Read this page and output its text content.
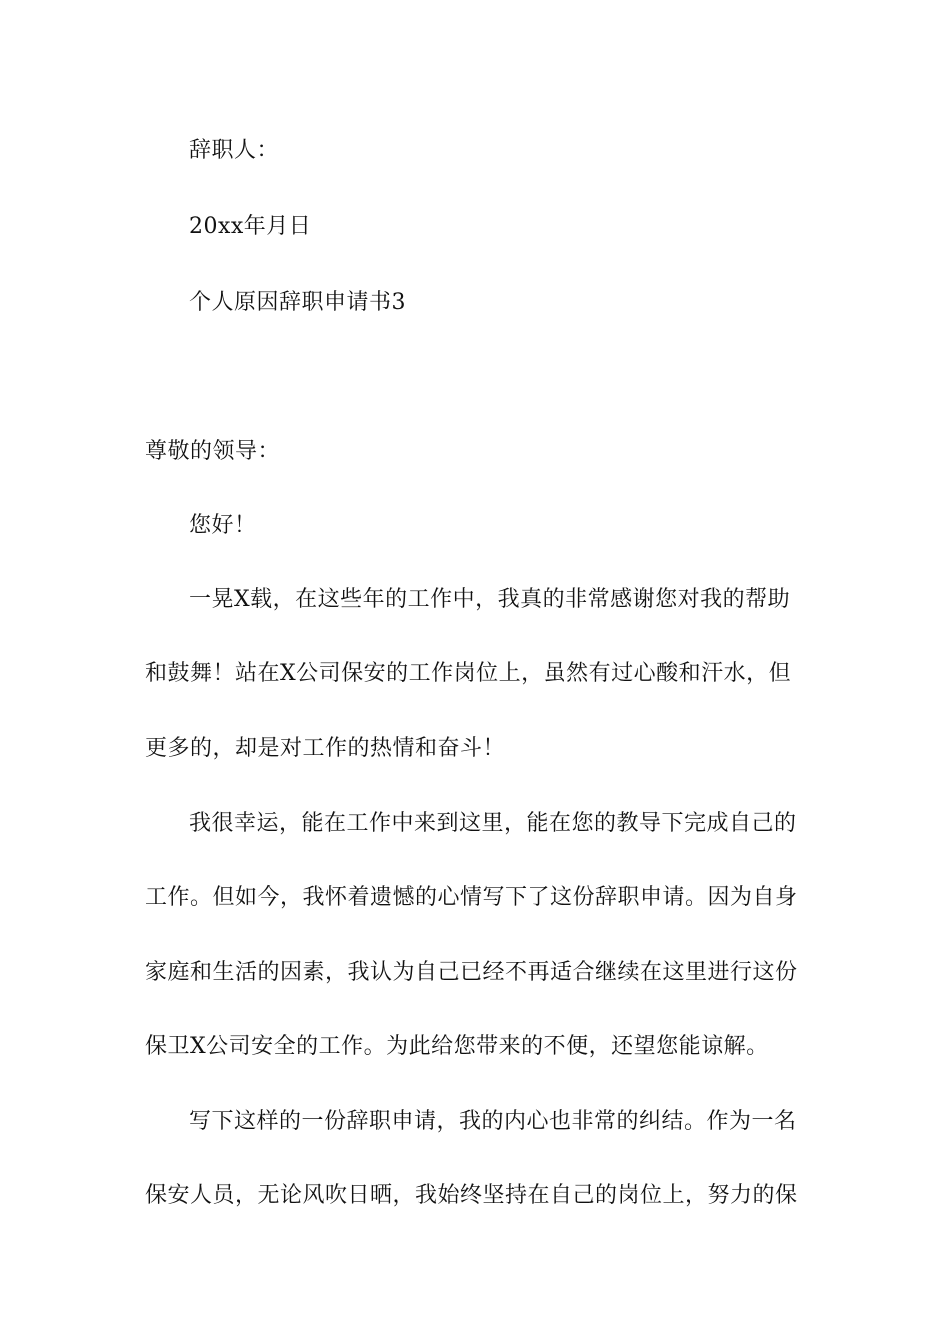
辞职人：
20xx年月日
个人原因辞职申请书3
尊敬的领导：
您好！
一晃X载，在这些年的工作中，我真的非常感谢您对我的帮助
和鼓舞！站在X公司保安的工作岗位上，虽然有过心酸和汗水，但
更多的，却是对工作的热情和奋斗！
我很幸运，能在工作中来到这里，能在您的教导下完成自己的
工作。但如今，我怀着遗憾的心情写下了这份辞职申请。因为自身
家庭和生活的因素，我认为自己已经不再适合继续在这里进行这份
保卫X公司安全的工作。为此给您带来的不便，还望您能谅解。
写下这样的一份辞职申请，我的内心也非常的纠结。作为一名
保安人员，无论风吹日晒，我始终坚持在自己的岗位上，努力的保
